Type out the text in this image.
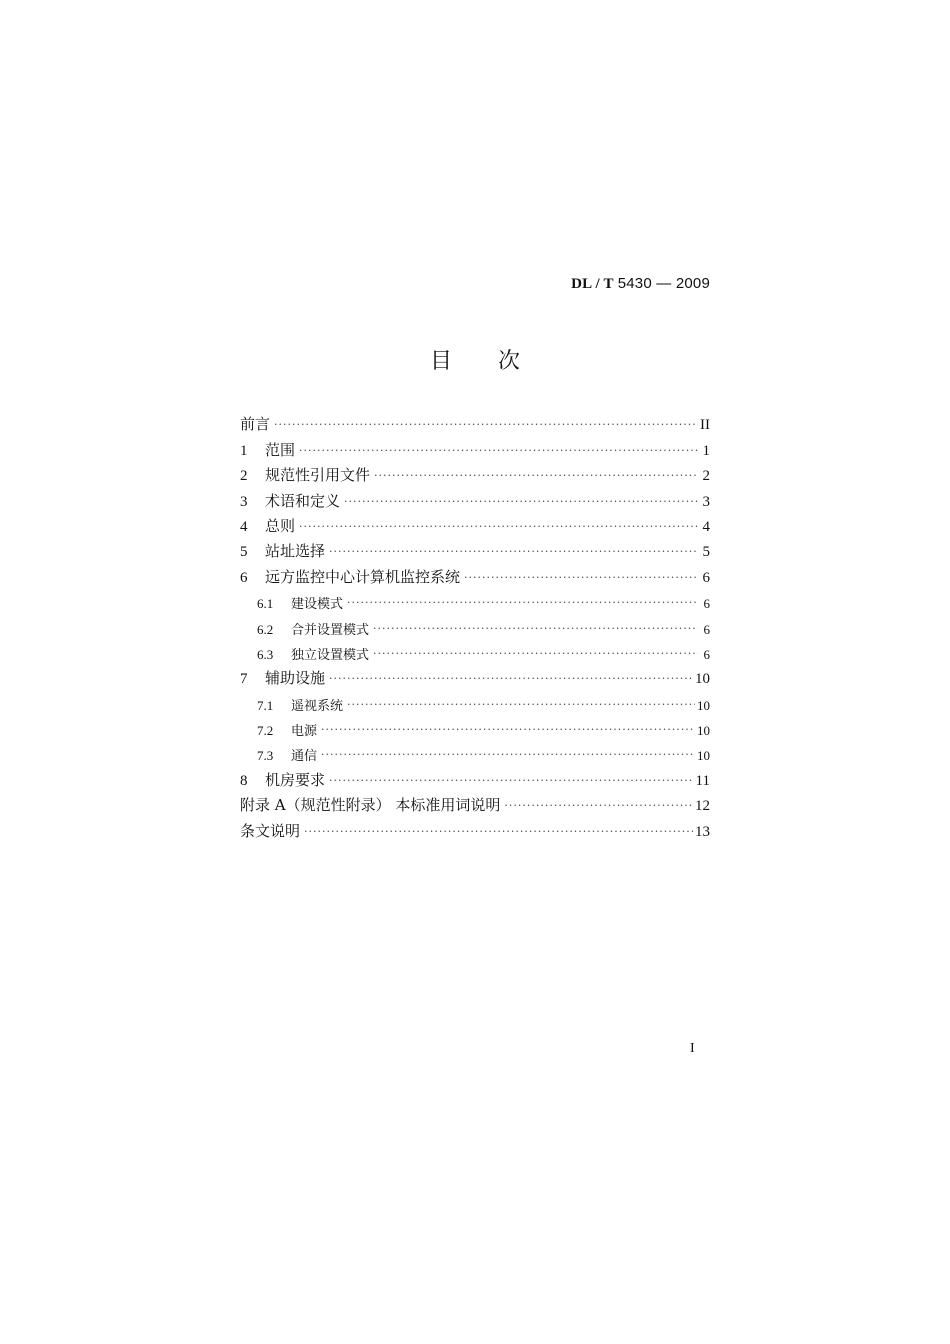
DL / T 5430 — 2009
目 次
前言 ·····	II
1	范围 ·····	1
2	规范性引用文件 ·····	2
3	术语和定义 ·····	3
4	总则 ·····	4
5	站址选择 ·····	5
6	远方监控中心计算机监控系统 ·····	6
6.1	建设模式 ·····	6
6.2	合并设置模式 ·····	6
6.3	独立设置模式 ·····	6
7	辅助设施 ·····	10
7.1	遥视系统 ·····	10
7.2	电源 ·····	10
7.3	通信 ·····	10
8	机房要求 ·····	11
附录 A（规范性附录） 本标准用词说明 ·····	12
条文说明 ·····	13
I
